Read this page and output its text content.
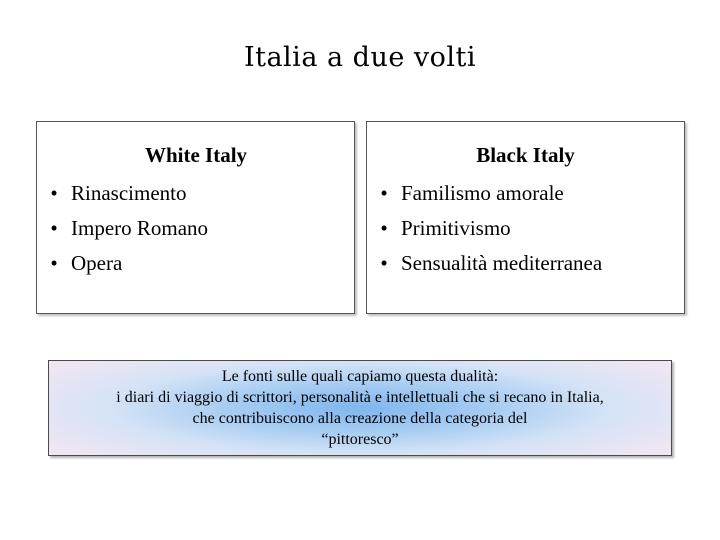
Italia a due volti
White Italy
• Rinascimento
• Impero Romano
• Opera
Black Italy
• Familismo amorale
• Primitivismo
• Sensualità mediterranea
Le fonti sulle quali capiamo questa dualità:
i diari di viaggio di scrittori, personalità e intellettuali che si recano in Italia,
che contribuiscono alla creazione della categoria del
“pittoresco”
